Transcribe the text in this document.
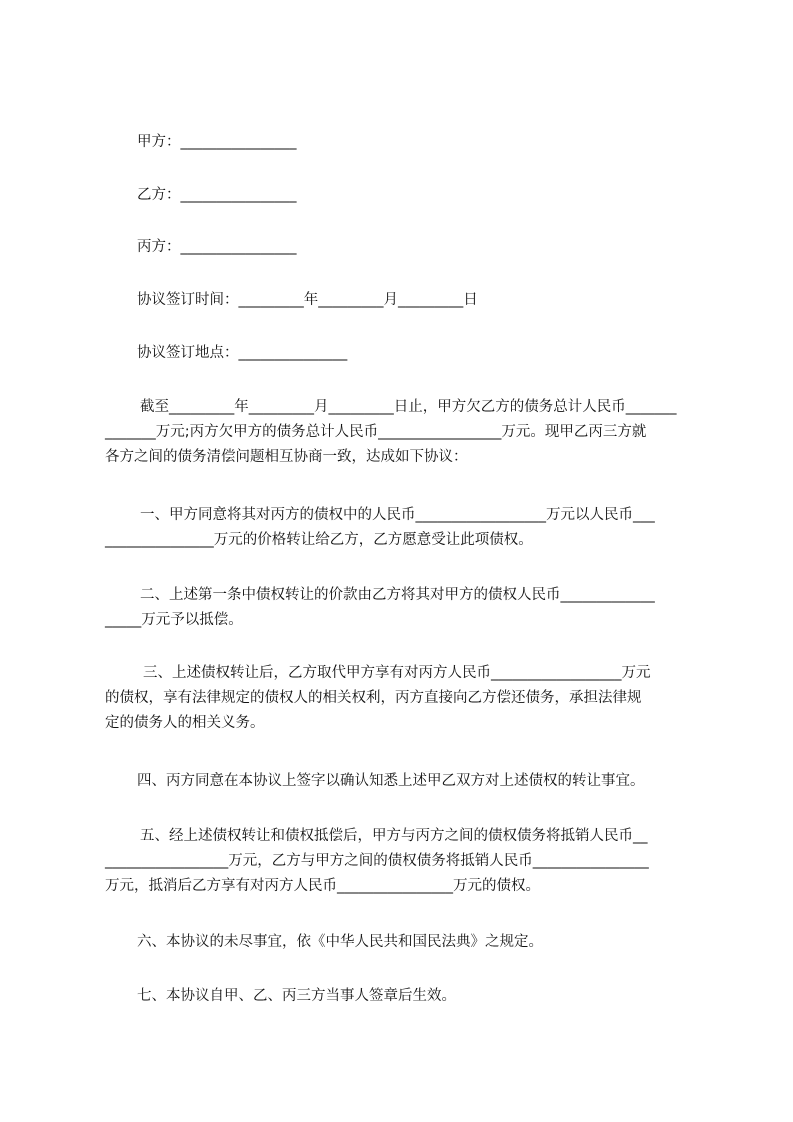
甲方：________________
乙方：________________
丙方：________________
协议签订时间：_________年_________月_________日
协议签订地点：_______________
截至_________年_________月_________日止，甲方欠乙方的债务总计人民币_______
_______万元;丙方欠甲方的债务总计人民币_________________万元。现甲乙丙三方就
各方之间的债务清偿问题相互协商一致，达成如下协议：
一、甲方同意将其对丙方的债权中的人民币__________________万元以人民币___
_______________万元的价格转让给乙方，乙方愿意受让此项债权。
二、上述第一条中债权转让的价款由乙方将其对甲方的债权人民币_____________
_____万元予以抵偿。
三、上述债权转让后，乙方取代甲方享有对丙方人民币__________________万元
的债权，享有法律规定的债权人的相关权利，丙方直接向乙方偿还债务，承担法律规
定的债务人的相关义务。
四、丙方同意在本协议上签字以确认知悉上述甲乙双方对上述债权的转让事宜。
五、经上述债权转让和债权抵偿后，甲方与丙方之间的债权债务将抵销人民币__
_________________万元，乙方与甲方之间的债权债务将抵销人民币________________
万元，抵消后乙方享有对丙方人民币________________万元的债权。
六、本协议的未尽事宜，依《中华人民共和国民法典》之规定。
七、本协议自甲、乙、丙三方当事人签章后生效。
